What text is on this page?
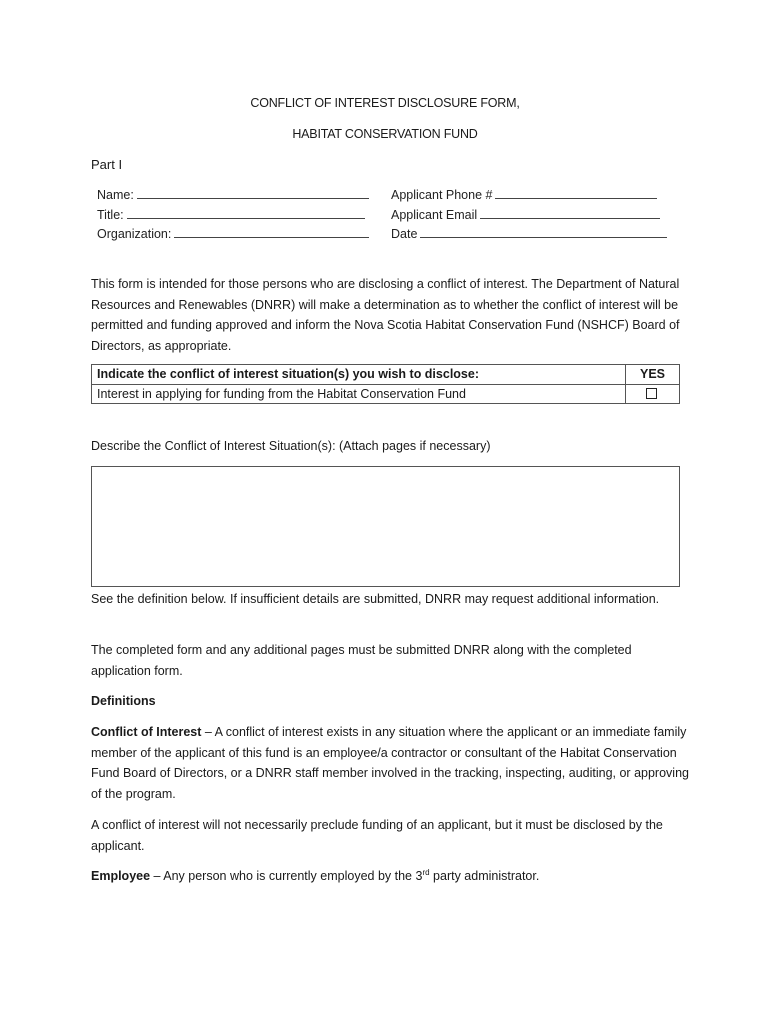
CONFLICT OF INTEREST DISCLOSURE FORM,
HABITAT CONSERVATION FUND
Part I
Name:
Title:
Organization:
Applicant Phone #
Applicant Email
Date
This form is intended for those persons who are disclosing a conflict of interest. The Department of Natural Resources and Renewables (DNRR) will make a determination as to whether the conflict of interest will be permitted and funding approved and inform the Nova Scotia Habitat Conservation Fund (NSHCF) Board of Directors, as appropriate.
Indicate the conflict of interest situation(s) you wish to disclose:	YES
Interest in applying for funding from the Habitat Conservation Fund
Describe the Conflict of Interest Situation(s): (Attach pages if necessary)
See the definition below. If insufficient details are submitted, DNRR may request additional information.
The completed form and any additional pages must be submitted DNRR along with the completed application form.
Definitions
Conflict of Interest – A conflict of interest exists in any situation where the applicant or an immediate family member of the applicant of this fund is an employee/a contractor or consultant of the Habitat Conservation Fund Board of Directors, or a DNRR staff member involved in the tracking, inspecting, auditing, or approving of the program.
A conflict of interest will not necessarily preclude funding of an applicant, but it must be disclosed by the applicant.
Employee – Any person who is currently employed by the 3rd party administrator.
